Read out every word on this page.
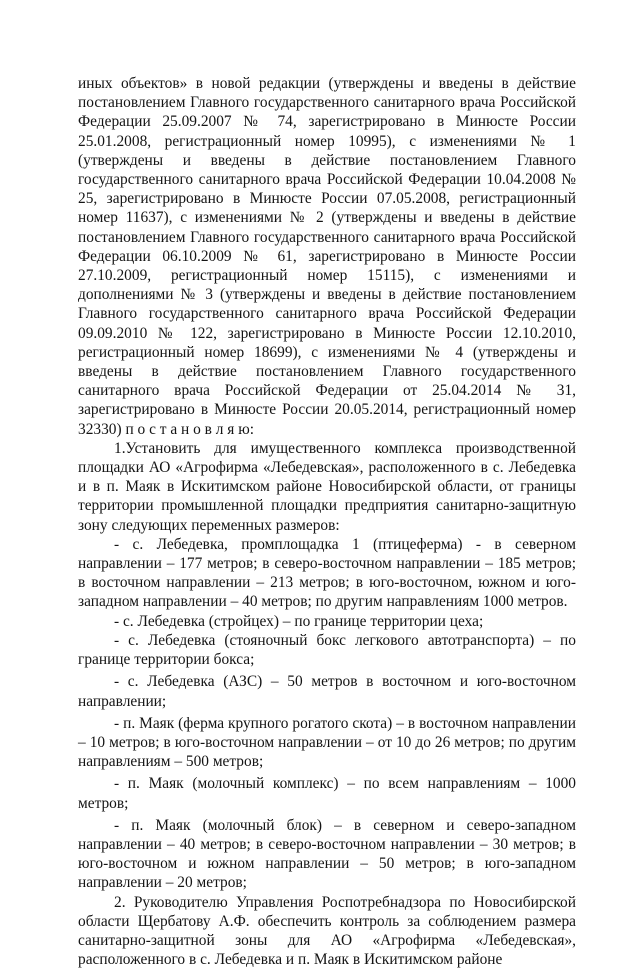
иных объектов» в новой редакции (утверждены и введены в действие постановлением Главного государственного санитарного врача Российской Федерации 25.09.2007 № 74, зарегистрировано в Минюсте России 25.01.2008, регистрационный номер 10995), с изменениями № 1 (утверждены и введены в действие постановлением Главного государственного санитарного врача Российской Федерации 10.04.2008 № 25, зарегистрировано в Минюсте России 07.05.2008, регистрационный номер 11637), с изменениями № 2 (утверждены и введены в действие постановлением Главного государственного санитарного врача Российской Федерации 06.10.2009 № 61, зарегистрировано в Минюсте России 27.10.2009, регистрационный номер 15115), с изменениями и дополнениями № 3 (утверждены и введены в действие постановлением Главного государственного санитарного врача Российской Федерации 09.09.2010 № 122, зарегистрировано в Минюсте России 12.10.2010, регистрационный номер 18699), с изменениями № 4 (утверждены и введены в действие постановлением Главного государственного санитарного врача Российской Федерации от 25.04.2014 № 31, зарегистрировано в Минюсте России 20.05.2014, регистрационный номер 32330) п о с т а н о в л я ю:

1.Установить для имущественного комплекса производственной площадки АО «Агрофирма «Лебедевская», расположенного в с. Лебедевка и в п. Маяк в Искитимском районе Новосибирской области, от границы территории промышленной площадки предприятия санитарно-защитную зону следующих переменных размеров:

- с. Лебедевка, промплощадка 1 (птицеферма) - в северном направлении – 177 метров; в северо-восточном направлении – 185 метров; в восточном направлении – 213 метров; в юго-восточном, южном и юго-западном направлении – 40 метров; по другим направлениям 1000 метров.

- с. Лебедевка (стройцех) – по границе территории цеха;

- с. Лебедевка (стояночный бокс легкового автотранспорта) – по границе территории бокса;

- с. Лебедевка (АЗС) – 50 метров в восточном и юго-восточном направлении;

- п. Маяк (ферма крупного рогатого скота) – в восточном направлении – 10 метров; в юго-восточном направлении – от 10 до 26 метров; по другим направлениям – 500 метров;

- п. Маяк (молочный комплекс) – по всем направлениям – 1000 метров;

- п. Маяк (молочный блок) – в северном и северо-западном направлении – 40 метров; в северо-восточном направлении – 30 метров; в юго-восточном и южном направлении – 50 метров; в юго-западном направлении – 20 метров;

2. Руководителю Управления Роспотребнадзора по Новосибирской области Щербатову А.Ф. обеспечить контроль за соблюдением размера санитарно-защитной зоны для АО «Агрофирма «Лебедевская», расположенного в с. Лебедевка и п. Маяк в Искитимском районе
